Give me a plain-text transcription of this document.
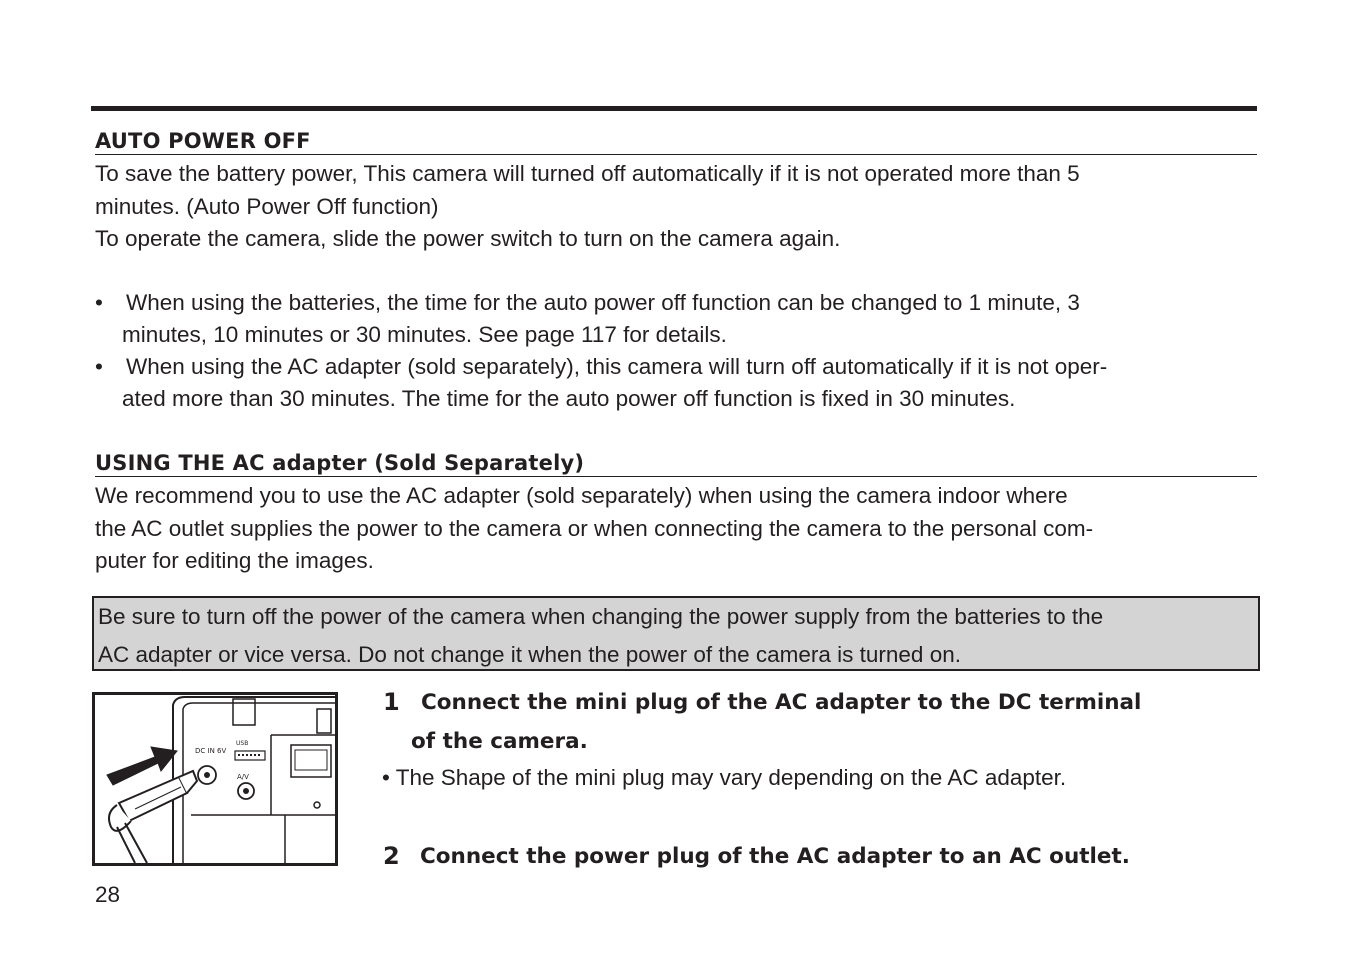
AUTO POWER OFF

To save the battery power, This camera will turned off automatically if it is not operated more than 5
minutes. (Auto Power Off function)
To operate the camera, slide the power switch to turn on the camera again.

• When using the batteries, the time for the auto power off function can be changed to 1 minute, 3
minutes, 10 minutes or 30 minutes. See page 117 for details.
• When using the AC adapter (sold separately), this camera will turn off automatically if it is not oper-
ated more than 30 minutes. The time for the auto power off function is fixed in 30 minutes.
USING THE AC adapter (Sold Separately)

We recommend you to use the AC adapter (sold separately) when using the camera indoor where
the AC outlet supplies the power to the camera or when connecting the camera to the personal com-
puter for editing the images.

Be sure to turn off the power of the camera when changing the power supply from the batteries to the
AC adapter or vice versa. Do not change it when the power of the camera is turned on.
DC IN 6V
USB
A/V
1 Connect the mini plug of the AC adapter to the DC terminal
of the camera.
• The Shape of the mini plug may vary depending on the AC adapter.
2 Connect the power plug of the AC adapter to an AC outlet.
28
